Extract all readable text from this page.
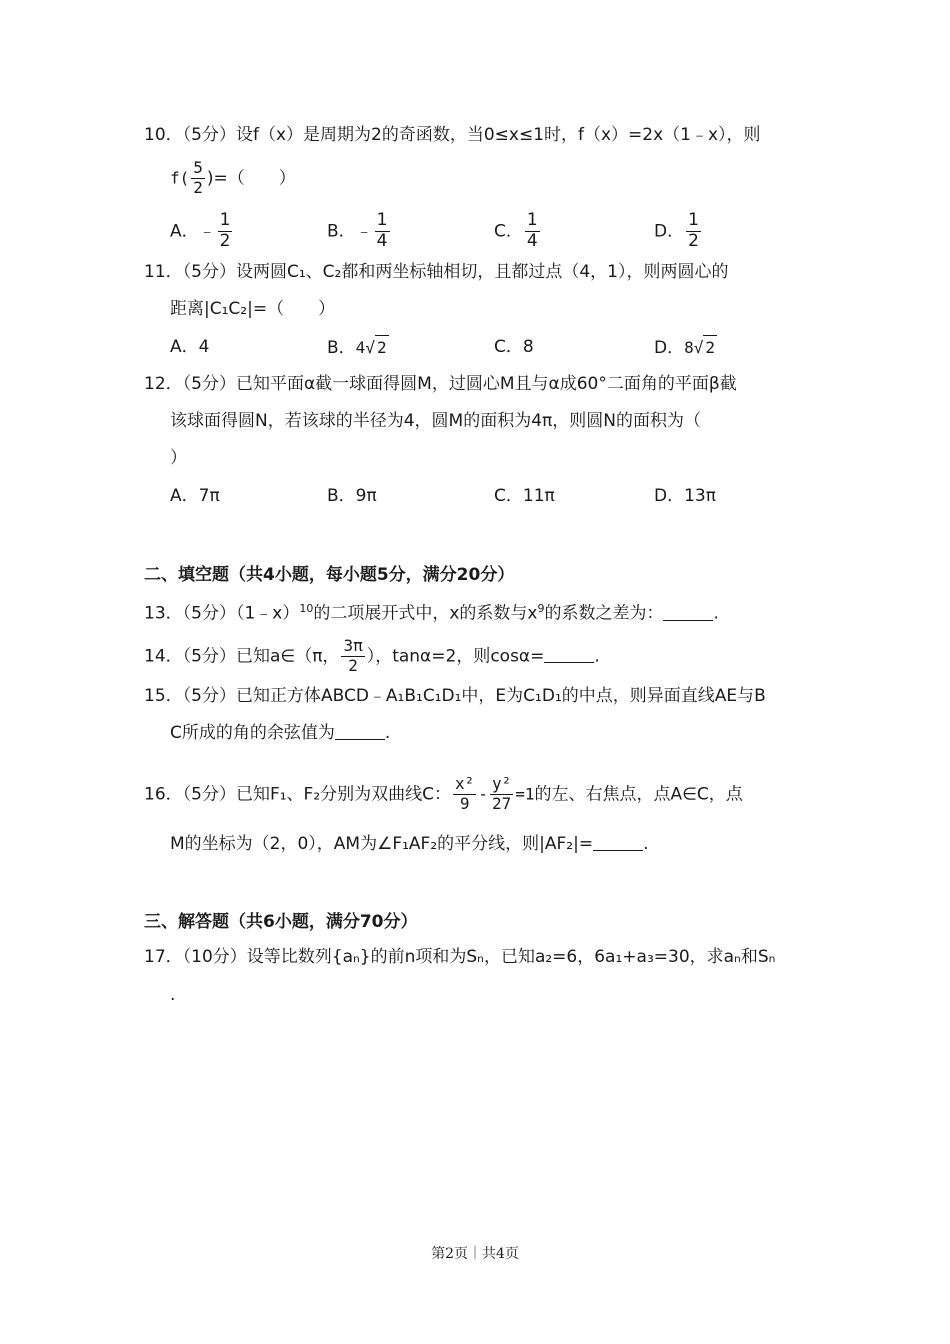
10．（5分）设f（x）是周期为2的奇函数，当0≤x≤1时，f（x）=2x（1﹣x），则
$f( \frac{5}{2}$ )=（　　）
A．﹣ $\frac{1}{2}$	B．﹣ $\frac{1}{4}$	C． $\frac{1}{4}$	D． $\frac{1}{2}$
11．（5分）设两圆C₁、C₂都和两坐标轴相切，且都过点（4，1），则两圆心的
距离|C₁C₂|=（　　）
A．4	B． 4 √ 2	C．8	D． 8 √ 2
12．（5分）已知平面α截一球面得圆M，过圆心M且与α成60°二面角的平面β截
该球面得圆N，若该球的半径为4，圆M的面积为4π，则圆N的面积为（
）
A．7π	B．9π	C．11π	D．13π
二、填空题（共4小题，每小题5分，满分20分）
13．（5分）（1﹣x）$^{10}$的二项展开式中，x的系数与$x^9$的系数之差为：	.
14．（5分）已知a∈（π， $\frac{3\pi}{2}$ ），tanα=2，则cosα=	.
15．（5分）已知正方体ABCD﹣A₁B₁C₁D₁中，E为C₁D₁的中点，则异面直线AE与B
C所成的角的余弦值为	.
16．（5分）已知F₁、F₂分别为双曲线C： $\frac{\text{x²}}{9} - \frac{\text{y²}}{27} =1$的左、右焦点，点A∈C，点
M的坐标为（2，0），AM为∠F₁AF₂的平分线，则|AF₂|=	.
三、解答题（共6小题，满分70分）
17．（10分）设等比数列{aₙ}的前n项和为Sₙ，已知a₂=6，6a₁+a₃=30，求aₙ和Sₙ
.
第2页｜共4页
